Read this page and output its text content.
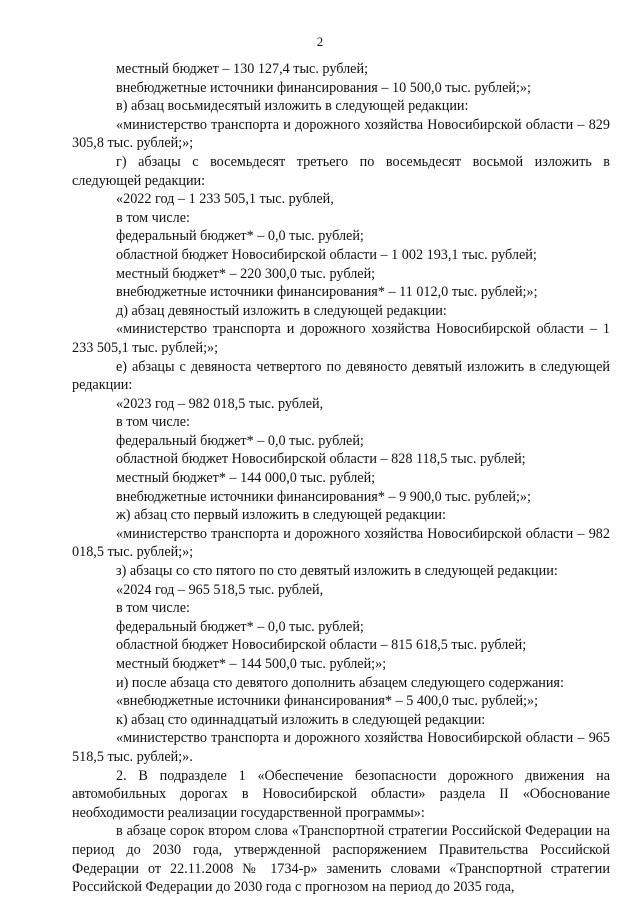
2

местный бюджет – 130 127,4 тыс. рублей;

внебюджетные источники финансирования – 10 500,0 тыс. рублей;»;

в) абзац восьмидесятый изложить в следующей редакции:

«министерство транспорта и дорожного хозяйства Новосибирской области – 829 305,8 тыс. рублей;»;

г) абзацы с восемьдесят третьего по восемьдесят восьмой изложить в следующей редакции:

«2022 год – 1 233 505,1 тыс. рублей,

в том числе:

федеральный бюджет* – 0,0 тыс. рублей;

областной бюджет Новосибирской области – 1 002 193,1 тыс. рублей;

местный бюджет* – 220 300,0 тыс. рублей;

внебюджетные источники финансирования* – 11 012,0 тыс. рублей;»;

д) абзац девяностый изложить в следующей редакции:

«министерство транспорта и дорожного хозяйства Новосибирской области – 1 233 505,1 тыс. рублей;»;

е) абзацы с девяноста четвертого по девяносто девятый изложить в следующей редакции:

«2023 год – 982 018,5 тыс. рублей,

в том числе:

федеральный бюджет* – 0,0 тыс. рублей;

областной бюджет Новосибирской области – 828 118,5 тыс. рублей;

местный бюджет* – 144 000,0 тыс. рублей;

внебюджетные источники финансирования* – 9 900,0 тыс. рублей;»;

ж) абзац сто первый изложить в следующей редакции:

«министерство транспорта и дорожного хозяйства Новосибирской области – 982 018,5 тыс. рублей;»;

з) абзацы со сто пятого по сто девятый изложить в следующей редакции:

«2024 год – 965 518,5 тыс. рублей,

в том числе:

федеральный бюджет* – 0,0 тыс. рублей;

областной бюджет Новосибирской области – 815 618,5 тыс. рублей;

местный бюджет* – 144 500,0 тыс. рублей;»;

и) после абзаца сто девятого дополнить абзацем следующего содержания:

«внебюджетные источники финансирования* – 5 400,0 тыс. рублей;»;

к) абзац сто одиннадцатый изложить в следующей редакции:

«министерство транспорта и дорожного хозяйства Новосибирской области – 965 518,5 тыс. рублей;».

2. В подразделе 1 «Обеспечение безопасности дорожного движения на автомобильных дорогах в Новосибирской области» раздела II «Обоснование необходимости реализации государственной программы»:

в абзаце сорок втором слова «Транспортной стратегии Российской Федерации на период до 2030 года, утвержденной распоряжением Правительства Российской Федерации от 22.11.2008 № 1734-р» заменить словами «Транспортной стратегии Российской Федерации до 2030 года с прогнозом на период до 2035 года,
